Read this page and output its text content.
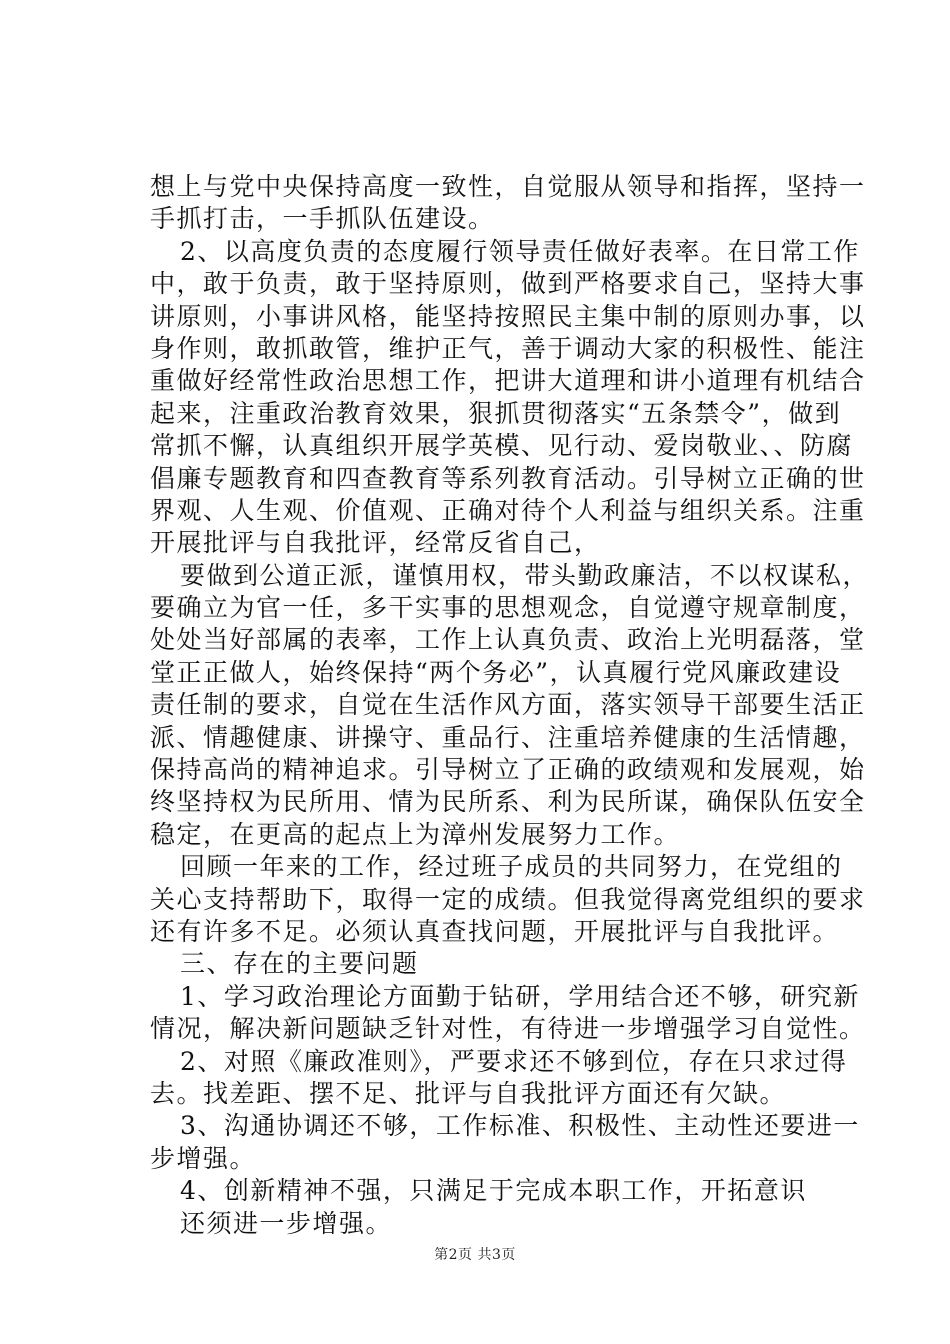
想上与党中央保持高度一致性，自觉服从领导和指挥，坚持一
手抓打击，一手抓队伍建设。
2、以高度负责的态度履行领导责任做好表率。在日常工作
中，敢于负责，敢于坚持原则，做到严格要求自己，坚持大事
讲原则，小事讲风格，能坚持按照民主集中制的原则办事，以
身作则，敢抓敢管，维护正气，善于调动大家的积极性、能注
重做好经常性政治思想工作，把讲大道理和讲小道理有机结合
起来，注重政治教育效果，狠抓贯彻落实“五条禁令”，做到
常抓不懈，认真组织开展学英模、见行动、爱岗敬业、、防腐
倡廉专题教育和四查教育等系列教育活动。引导树立正确的世
界观、人生观、价值观、正确对待个人利益与组织关系。注重
开展批评与自我批评，经常反省自己，
要做到公道正派，谨慎用权，带头勤政廉洁，不以权谋私，
要确立为官一任，多干实事的思想观念，自觉遵守规章制度，
处处当好部属的表率，工作上认真负责、政治上光明磊落，堂
堂正正做人，始终保持“两个务必”，认真履行党风廉政建设
责任制的要求，自觉在生活作风方面，落实领导干部要生活正
派、情趣健康、讲操守、重品行、注重培养健康的生活情趣，
保持高尚的精神追求。引导树立了正确的政绩观和发展观，始
终坚持权为民所用、情为民所系、利为民所谋，确保队伍安全
稳定，在更高的起点上为漳州发展努力工作。
回顾一年来的工作，经过班子成员的共同努力，在党组的
关心支持帮助下，取得一定的成绩。但我觉得离党组织的要求
还有许多不足。必须认真查找问题，开展批评与自我批评。
三、存在的主要问题
1、学习政治理论方面勤于钻研，学用结合还不够，研究新
情况，解决新问题缺乏针对性，有待进一步增强学习自觉性。
2、对照《廉政准则》，严要求还不够到位，存在只求过得
去。找差距、摆不足、批评与自我批评方面还有欠缺。
3、沟通协调还不够，工作标准、积极性、主动性还要进一
步增强。
4、创新精神不强，只满足于完成本职工作，开拓意识
还须进一步增强。
第2页 共3页
